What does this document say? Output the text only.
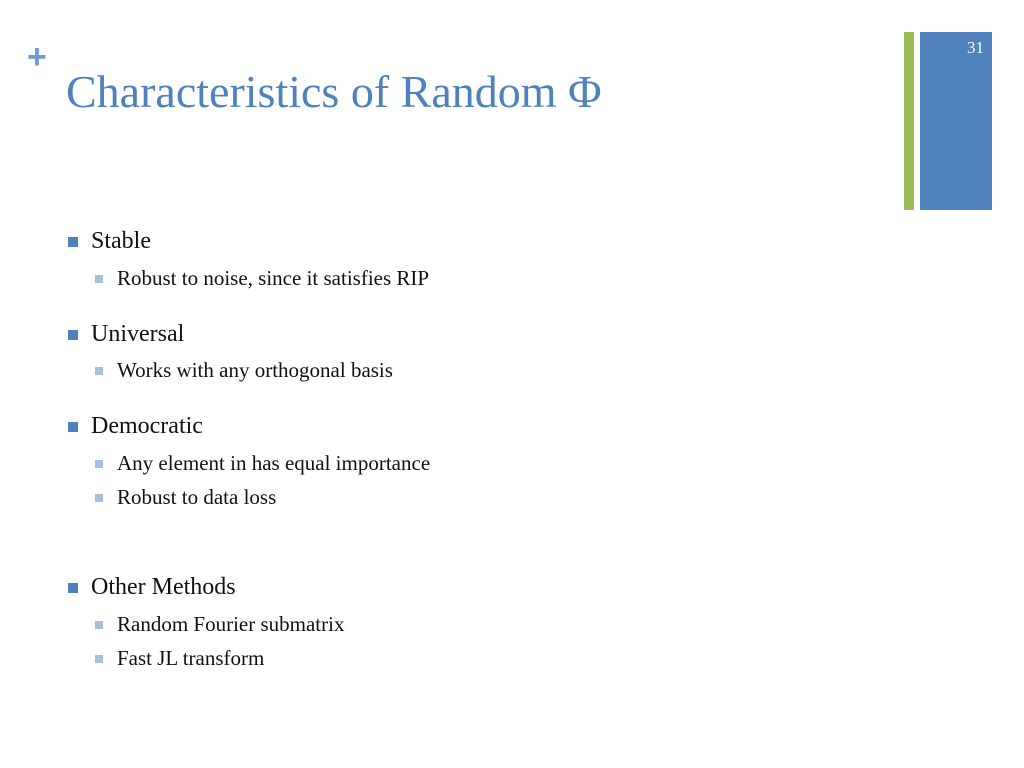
+
Characteristics of Random Φ
31
Stable
Robust to noise, since it satisfies RIP
Universal
Works with any orthogonal basis
Democratic
Any element in has equal importance
Robust to data loss
Other Methods
Random Fourier submatrix
Fast JL transform
